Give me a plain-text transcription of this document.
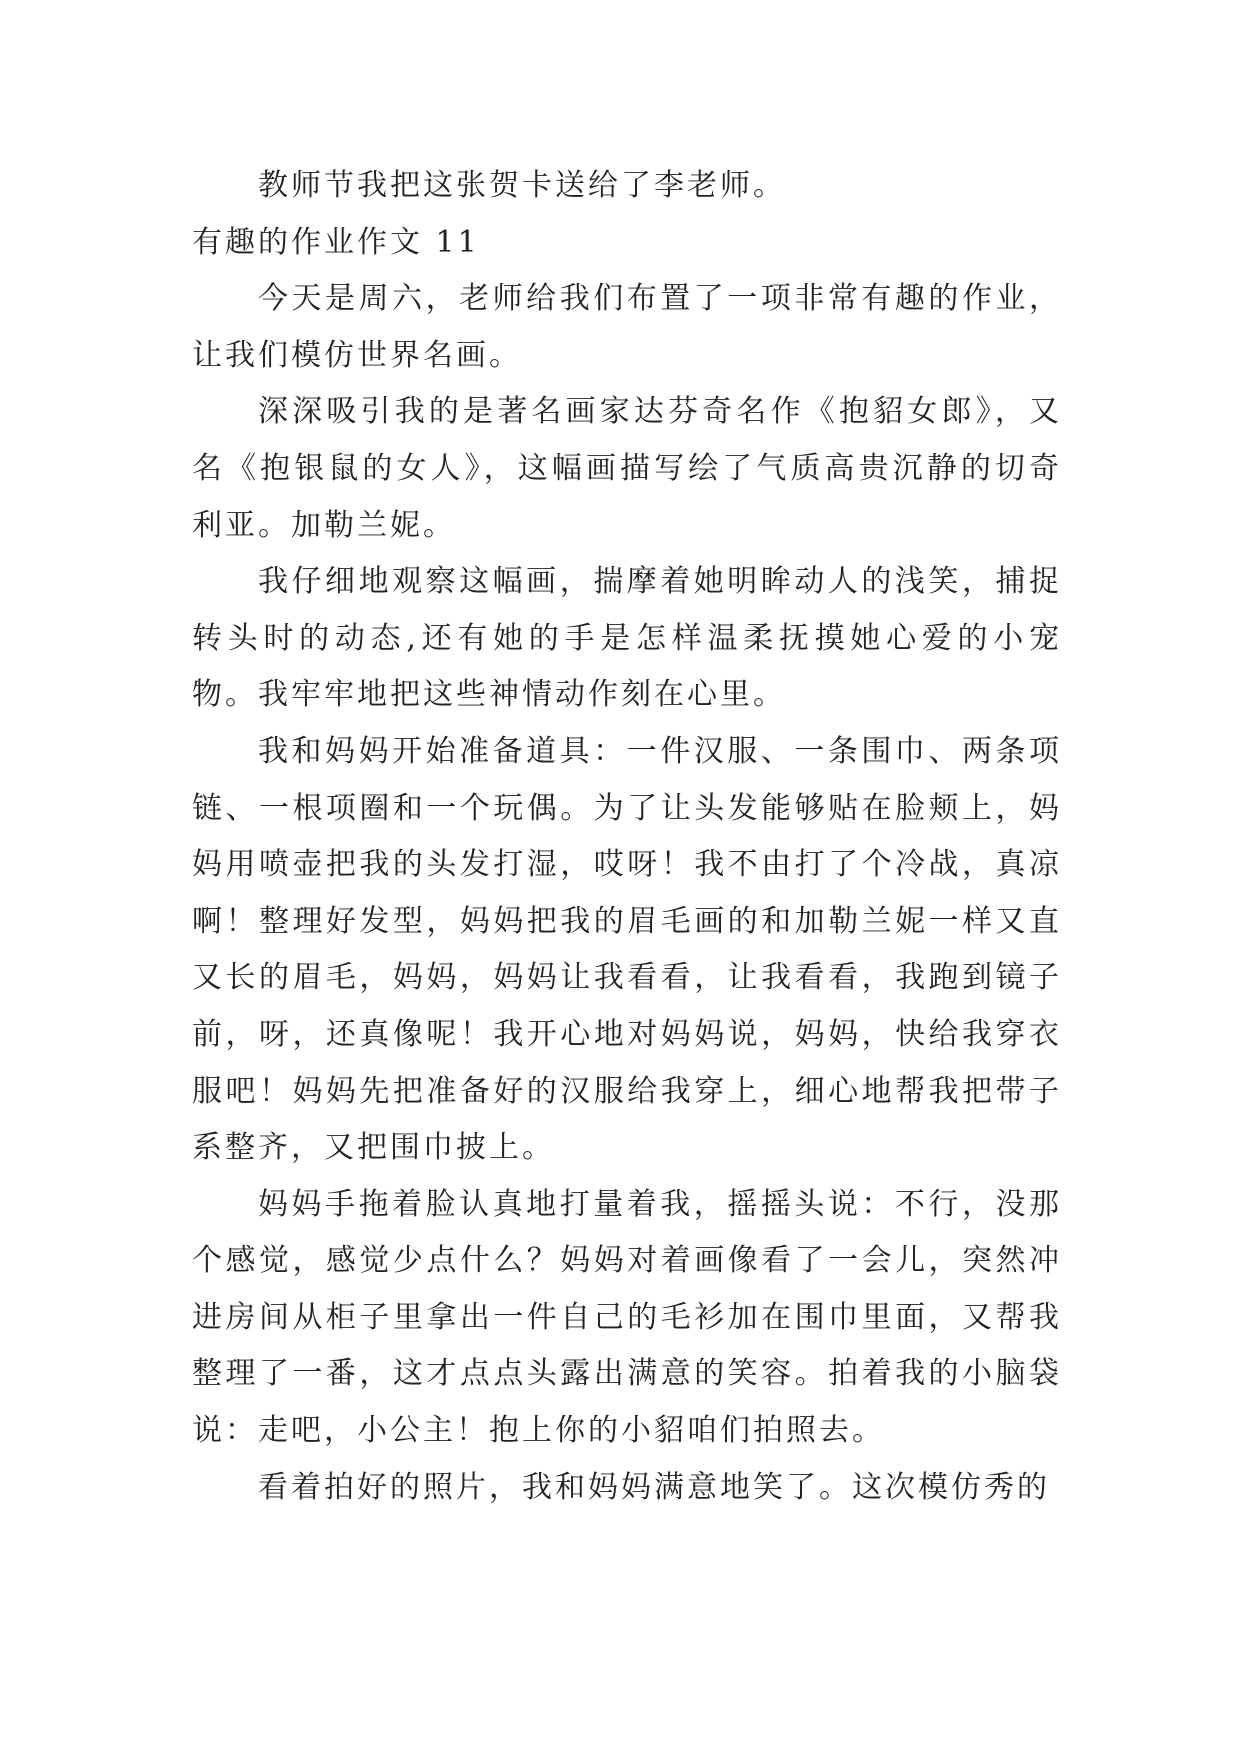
教师节我把这张贺卡送给了李老师。

有趣的作业作文 11

今天是周六，老师给我们布置了一项非常有趣的作业，让我们模仿世界名画。

深深吸引我的是著名画家达芬奇名作《抱貂女郎》，又名《抱银鼠的女人》，这幅画描写绘了气质高贵沉静的切奇利亚。加勒兰妮。

我仔细地观察这幅画，揣摩着她明眸动人的浅笑，捕捉转头时的动态,还有她的手是怎样温柔抚摸她心爱的小宠物。我牢牢地把这些神情动作刻在心里。

我和妈妈开始准备道具：一件汉服、一条围巾、两条项链、一根项圈和一个玩偶。为了让头发能够贴在脸颊上，妈妈用喷壶把我的头发打湿，哎呀！我不由打了个冷战，真凉啊！整理好发型，妈妈把我的眉毛画的和加勒兰妮一样又直又长的眉毛，妈妈，妈妈让我看看，让我看看，我跑到镜子前，呀，还真像呢！我开心地对妈妈说，妈妈，快给我穿衣服吧！妈妈先把准备好的汉服给我穿上，细心地帮我把带子系整齐，又把围巾披上。

妈妈手拖着脸认真地打量着我，摇摇头说：不行，没那个感觉，感觉少点什么？妈妈对着画像看了一会儿，突然冲进房间从柜子里拿出一件自己的毛衫加在围巾里面，又帮我整理了一番，这才点点头露出满意的笑容。拍着我的小脑袋说：走吧，小公主！抱上你的小貂咱们拍照去。

看着拍好的照片，我和妈妈满意地笑了。这次模仿秀的
